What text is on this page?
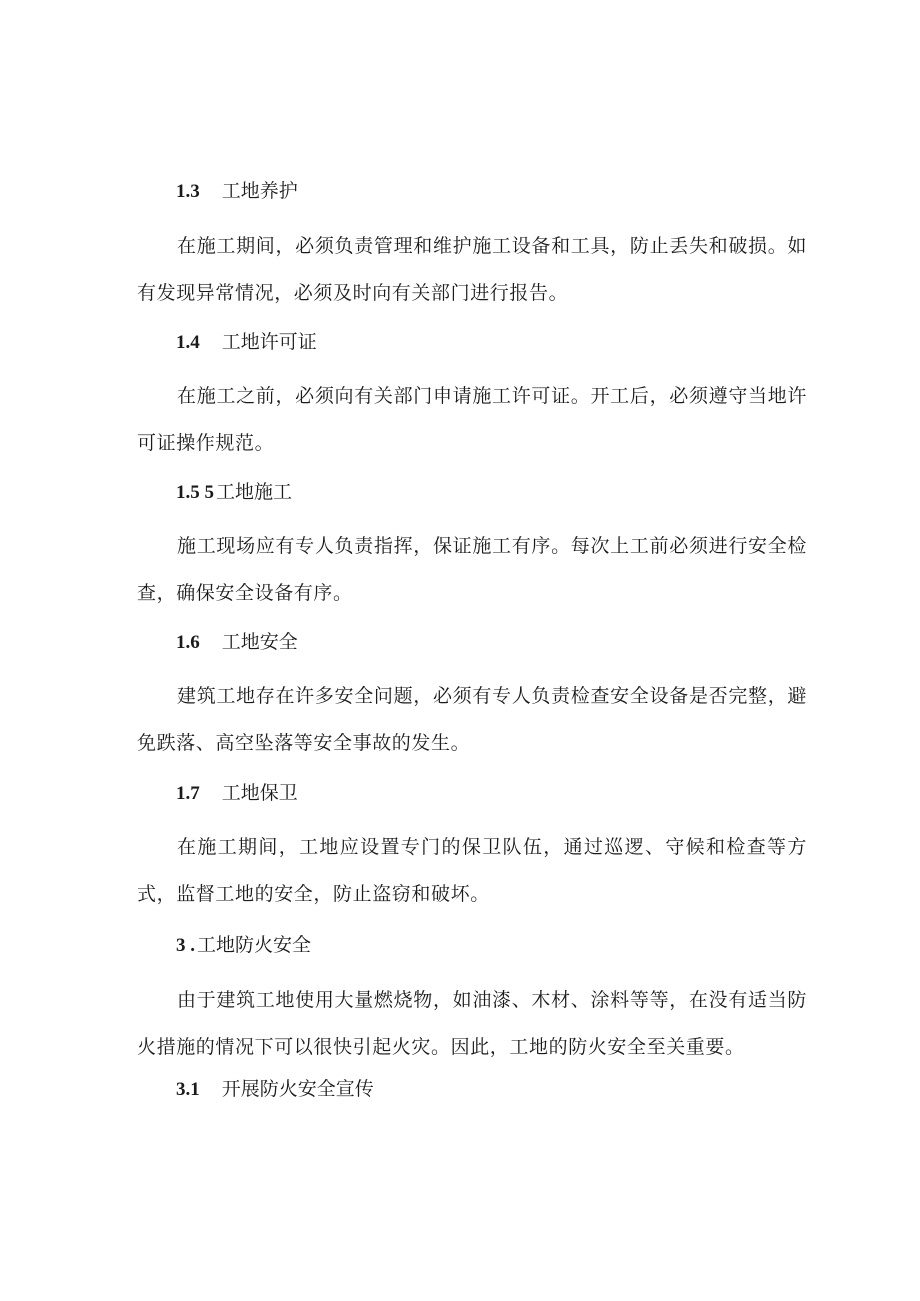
1.3 工地养护
在施工期间，必须负责管理和维护施工设备和工具，防止丢失和破损。如有发现异常情况，必须及时向有关部门进行报告。
1.4 工地许可证
在施工之前，必须向有关部门申请施工许可证。开工后，必须遵守当地许可证操作规范。
1.5 5 工地施工
施工现场应有专人负责指挥，保证施工有序。每次上工前必须进行安全检查，确保安全设备有序。
1.6 工地安全
建筑工地存在许多安全问题，必须有专人负责检查安全设备是否完整，避免跌落、高空坠落等安全事故的发生。
1.7 工地保卫
在施工期间，工地应设置专门的保卫队伍，通过巡逻、守候和检查等方式，监督工地的安全，防止盗窃和破坏。
3 . 工地防火安全
由于建筑工地使用大量燃烧物，如油漆、木材、涂料等等，在没有适当防火措施的情况下可以很快引起火灾。因此，工地的防火安全至关重要。
3.1 开展防火安全宣传
